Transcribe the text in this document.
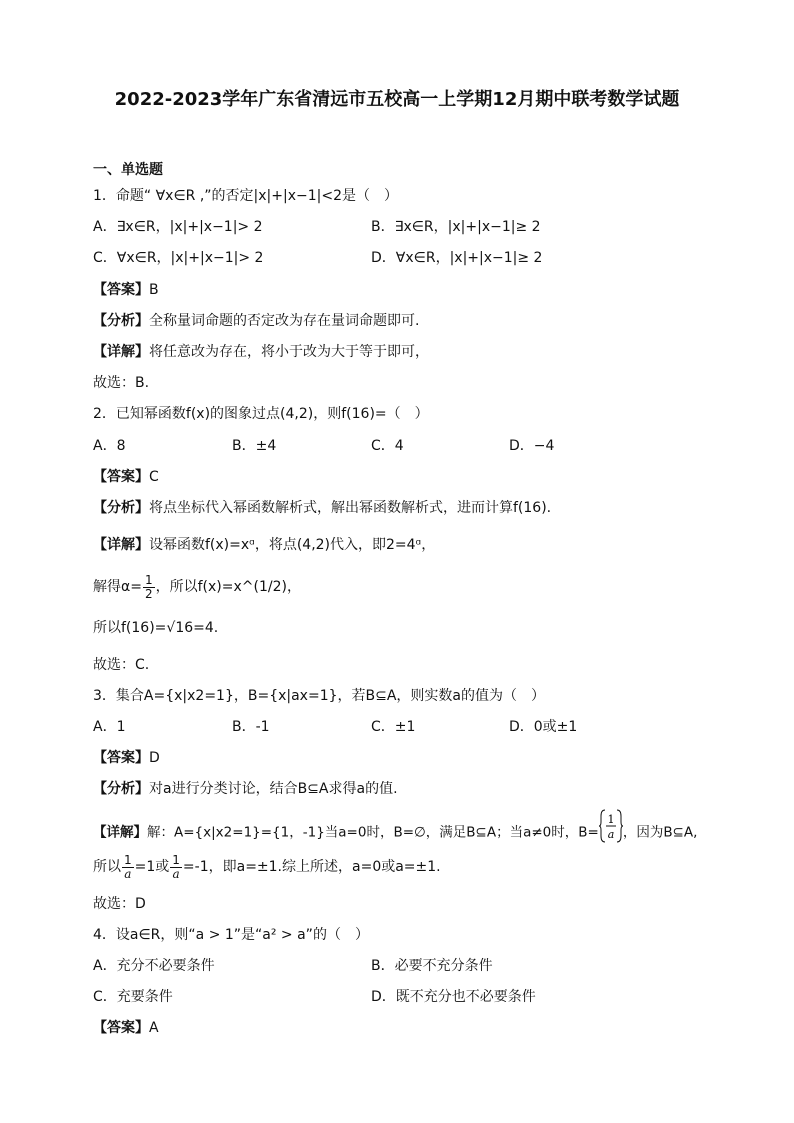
2022-2023学年广东省清远市五校高一上学期12月期中联考数学试题
一、单选题
1．命题“ ∀x∈R ,”的否定|x|+|x−1|<2是（　）
A．∃x∈R，|x|+|x−1|> 2	B．∃x∈R，|x|+|x−1|≥ 2
C．∀x∈R，|x|+|x−1|> 2	D．∀x∈R，|x|+|x−1|≥ 2
【答案】B
【分析】全称量词命题的否定改为存在量词命题即可.
【详解】将任意改为存在，将小于改为大于等于即可，
故选：B.
2．已知幂函数f(x)的图象过点(4,2)，则f(16)=（　）
A．8	B．±4	C．4	D．−4
【答案】C
【分析】将点坐标代入幂函数解析式，解出幂函数解析式，进而计算f(16).
【详解】设幂函数f(x)=xᵅ，将点(4,2)代入，即2=4ᵅ，
解得$\alpha= \frac{1}{2}$ ，所以f(x)=x^(1/2)，
所以f(16)=√16=4.
故选：C.
3．集合A={x|x2=1}，B={x|ax=1}，若B⊆A，则实数a的值为（　）
A．1	B．-1	C．±1	D．0或±1
【答案】D
【分析】对a进行分类讨论，结合B⊆A求得a的值.
【详解】解：A={x|x2=1}={1，-1}当a=0时，B=∅，满足B⊆A；当a≠0时，B=
1
a ，因为B⊆A,
所以 $\frac{1}{a} =1$或 $\frac{1}{a} =-1$，即a=±1.综上所述，a=0或a=±1.
故选：D
4．设a∈R，则“a > 1”是“a² > a”的（　）
A．充分不必要条件	B．必要不充分条件
C．充要条件	D．既不充分也不必要条件
【答案】A
